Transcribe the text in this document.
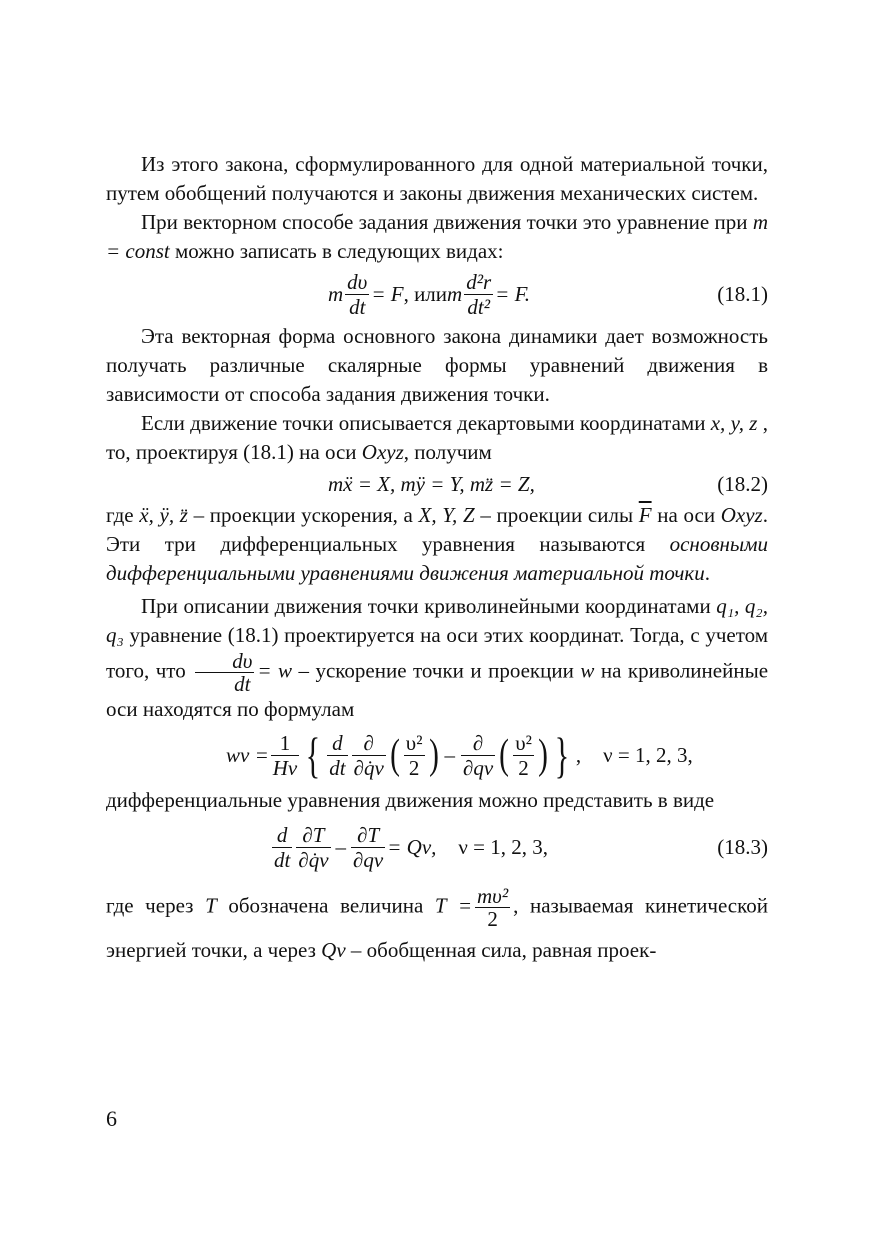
Из этого закона, сформулированного для одной материальной точки, путем обобщений получаются и законы движения механических систем.

При векторном способе задания движения точки это уравнение при m = const можно записать в следующих видах:

m $\frac{d\upsilon}{dt} = F$ , или m $\frac{\text{d²r}}{\text{dt²}} = F$.	(18.1)

Эта векторная форма основного закона динамики дает возможность получать различные скалярные формы уравнений движения в зависимости от способа задания движения точки.

Если движение точки описывается декартовыми координатами x, y, z , то, проектируя (18.1) на оси Oxyz, получим

mẍ = X, mÿ = Y, mz̈ = Z,	(18.2)

где ẍ, ÿ, z̈ – проекции ускорения, а X, Y, Z – проекции силы $\overline{F}$ на оси Oxyz. Эти три дифференциальных уравнения называются основными дифференциальными уравнениями движения материальной точки.

При описании движения точки криволинейными координатами q₁, q₂, q₃ уравнение (18.1) проектируется на оси этих координат. Тогда, с учетом того, что $\frac{d\upsilon}{dt} = w$ – ускорение точки и проекции w на криволинейные оси находятся по формулам

$w\nu = \frac{1}{H\nu}$ { $\frac{d}{dt} \frac{\partial}{\partial q̇\nu}$ ( $\frac{\text{υ²}}{2}$ ) – $\frac{\partial}{\partial q\nu}$ ( $\frac{\text{υ²}}{2}$ ) } , ν = 1, 2, 3,

дифференциальные уравнения движения можно представить в виде

$\frac{d}{dt} \frac{\partial T}{\partial q̇\nu} - \frac{\partial T}{\partial q\nu} = Q\nu$, ν = 1, 2, 3,	(18.3)

где через T обозначена величина $T = \frac{\text{mυ²}}{2}$ , называемая кинетической энергией точки, а через Qν – обобщенная сила, равная проек-

6
